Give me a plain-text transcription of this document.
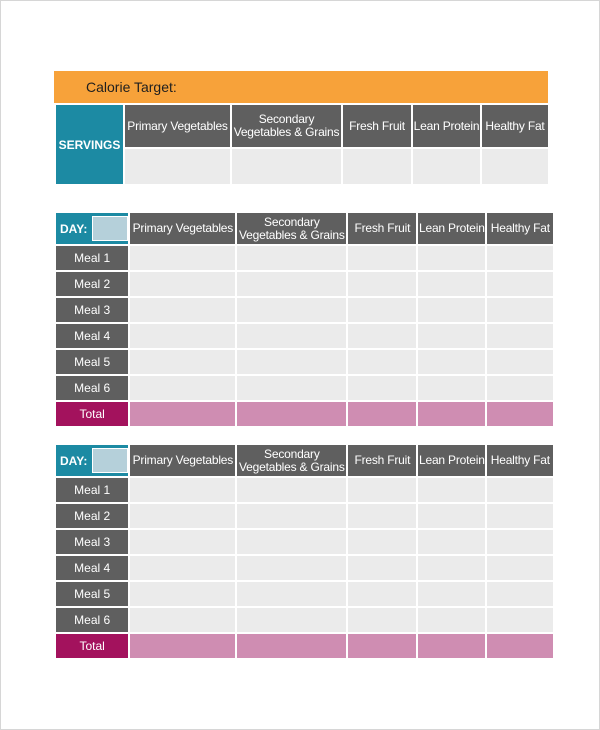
Calorie Target:
SERVINGS	Primary Vegetables	Secondary Vegetables & Grains	Fresh Fruit	Lean Protein	Healthy Fat

DAY:	Primary Vegetables	Secondary Vegetables & Grains	Fresh Fruit	Lean Protein	Healthy Fat
Meal 1					
Meal 2					
Meal 3					
Meal 4					
Meal 5					
Meal 6					
Total					
DAY:	Primary Vegetables	Secondary Vegetables & Grains	Fresh Fruit	Lean Protein	Healthy Fat
Meal 1					
Meal 2					
Meal 3					
Meal 4					
Meal 5					
Meal 6					
Total					
